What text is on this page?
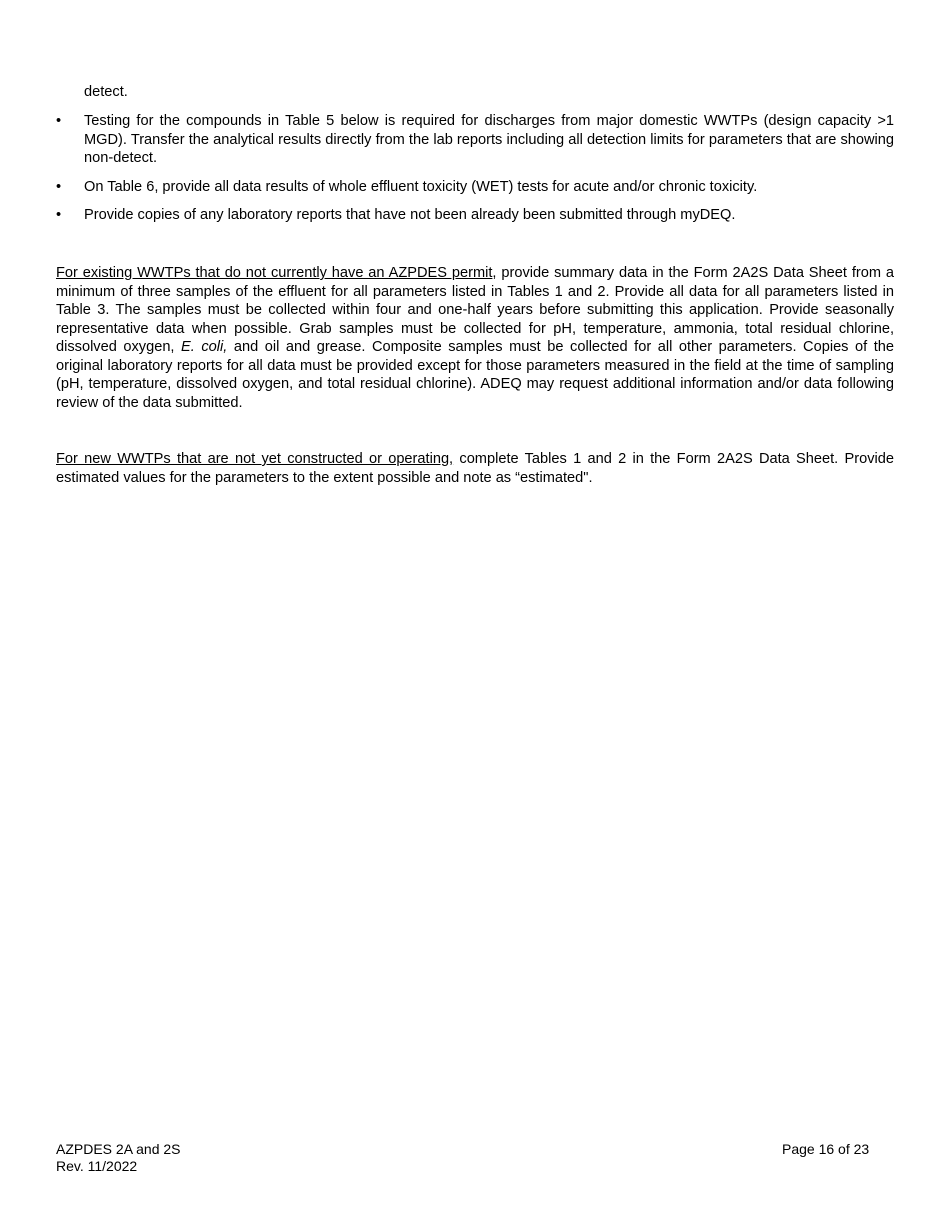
detect.

•	Testing for the compounds in Table 5 below is required for discharges from major domestic WWTPs (design capacity >1 MGD). Transfer the analytical results directly from the lab reports including all detection limits for parameters that are showing non-detect.
•	On Table 6, provide all data results of whole effluent toxicity (WET) tests for acute and/or chronic toxicity.
•	Provide copies of any laboratory reports that have not been already been submitted through myDEQ.

For existing WWTPs that do not currently have an AZPDES permit, provide summary data in the Form 2A2S Data Sheet from a minimum of three samples of the effluent for all parameters listed in Tables 1 and 2. Provide all data for all parameters listed in Table 3. The samples must be collected within four and one-half years before submitting this application. Provide seasonally representative data when possible. Grab samples must be collected for pH, temperature, ammonia, total residual chlorine, dissolved oxygen, E. coli, and oil and grease. Composite samples must be collected for all other parameters. Copies of the original laboratory reports for all data must be provided except for those parameters measured in the field at the time of sampling (pH, temperature, dissolved oxygen, and total residual chlorine). ADEQ may request additional information and/or data following review of the data submitted.

For new WWTPs that are not yet constructed or operating, complete Tables 1 and 2 in the Form 2A2S Data Sheet. Provide estimated values for the parameters to the extent possible and note as “estimated".

AZPDES 2A and 2S
Rev. 11/2022
Page 16 of 23
